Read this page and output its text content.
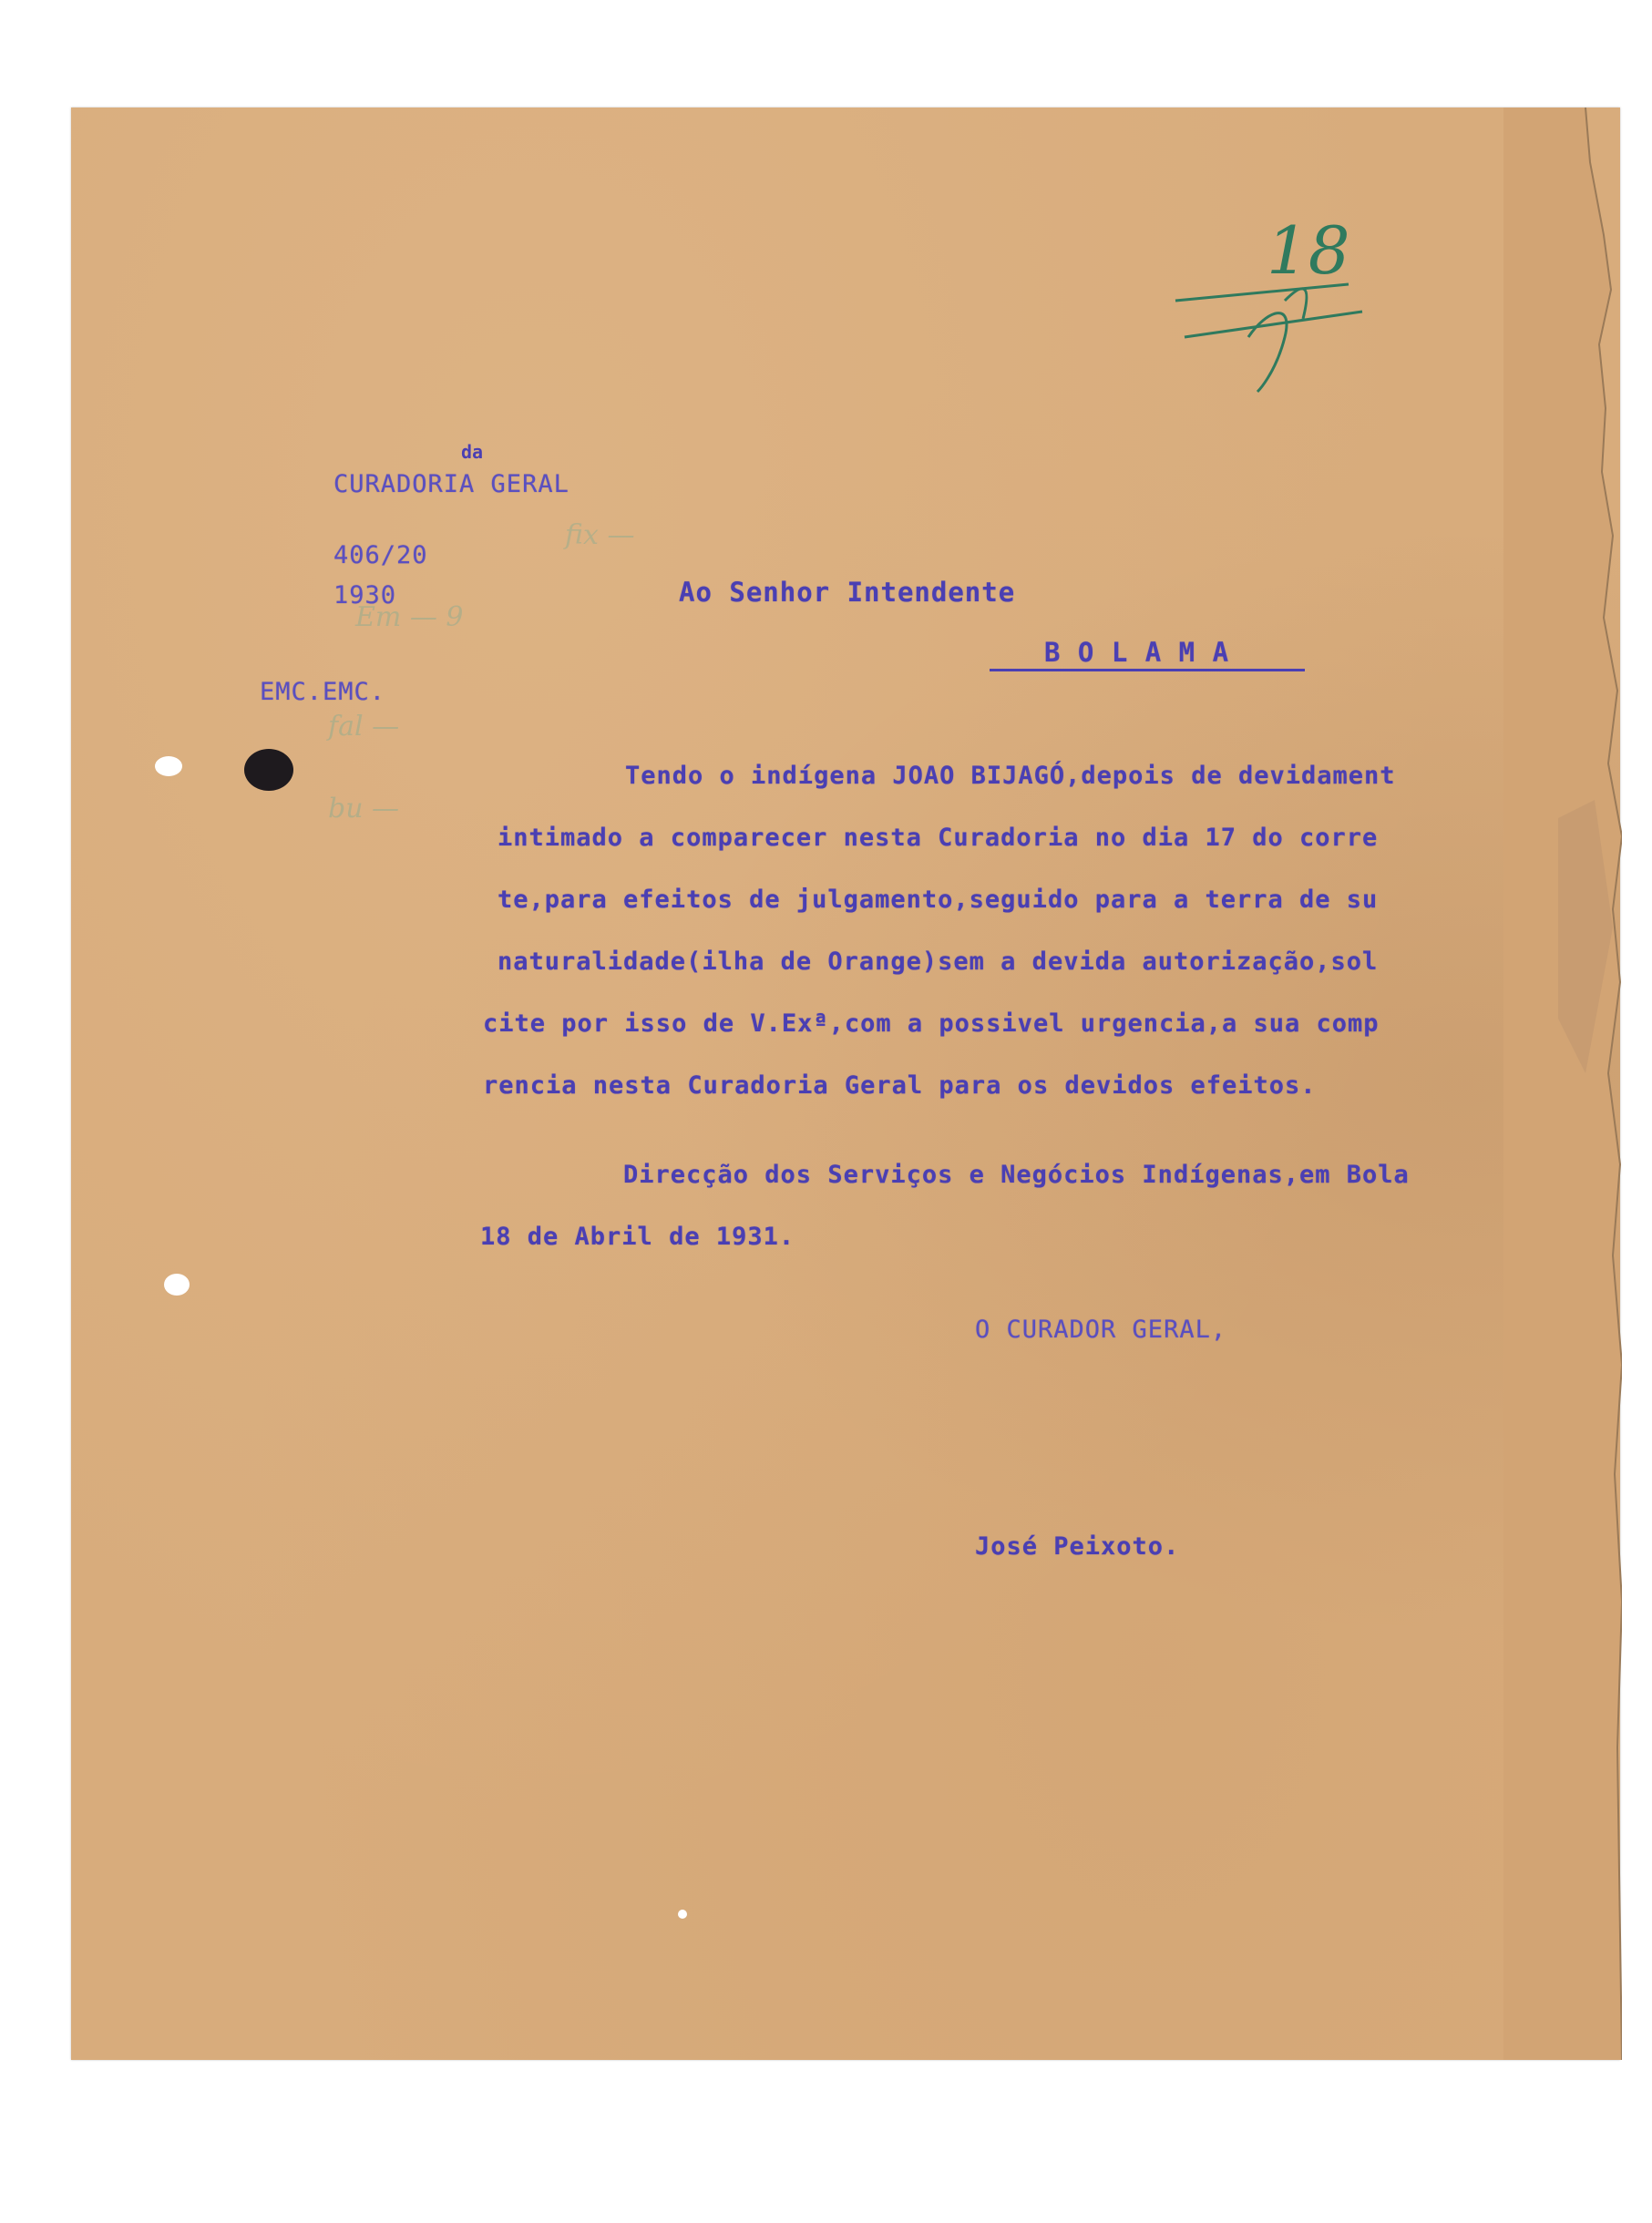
fix —

Em — 9

fal —

bu —

18

da

CURADORIA GERAL

406/20

1930

EMC.EMC.

Ao Senhor Intendente

B O L A M A

Tendo o indígena JOAO BIJAGÓ,depois de devidament

intimado a comparecer nesta Curadoria no dia 17 do corre

te,para efeitos de julgamento,seguido para a terra de su

naturalidade(ilha de Orange)sem a devida autorização,sol

cite por isso de V.Exª,com a possivel urgencia,a sua comp

rencia nesta Curadoria Geral para os devidos efeitos.

Direcção dos Serviços e Negócios Indígenas,em Bola

18 de Abril de 1931.

O CURADOR GERAL,

José Peixoto.
